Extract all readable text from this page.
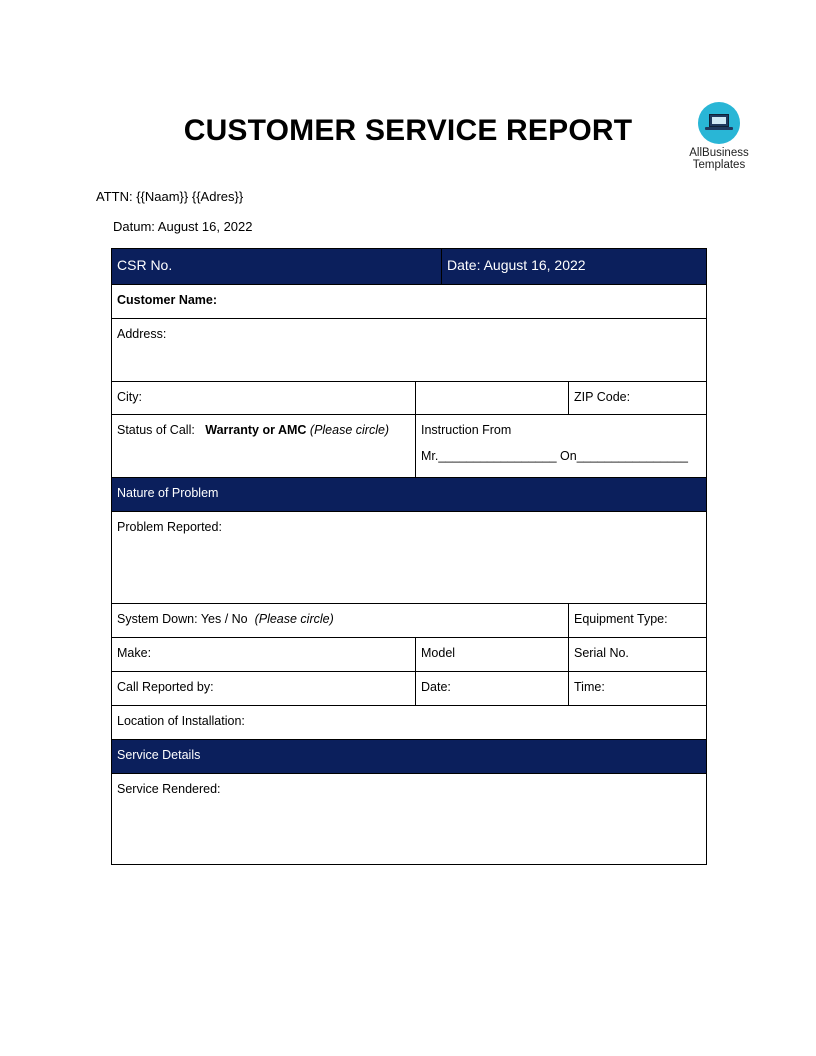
CUSTOMER SERVICE REPORT
AllBusiness
Templates
ATTN: {{Naam}} {{Adres}}
Datum: August 16, 2022
CSR No.		Date: August 16, 2022	
Customer Name:			
Address:			
City:			ZIP Code:
Status of Call: Warranty or AMC (Please circle)	Instruction From
Mr._________________ On________________		

Nature of Problem			
Problem Reported:			
System Down: Yes / No (Please circle)			Equipment Type:
Make:	Model		Serial No.
Call Reported by:	Date:		Time:
Location of Installation:			
Service Details			
Service Rendered:			
